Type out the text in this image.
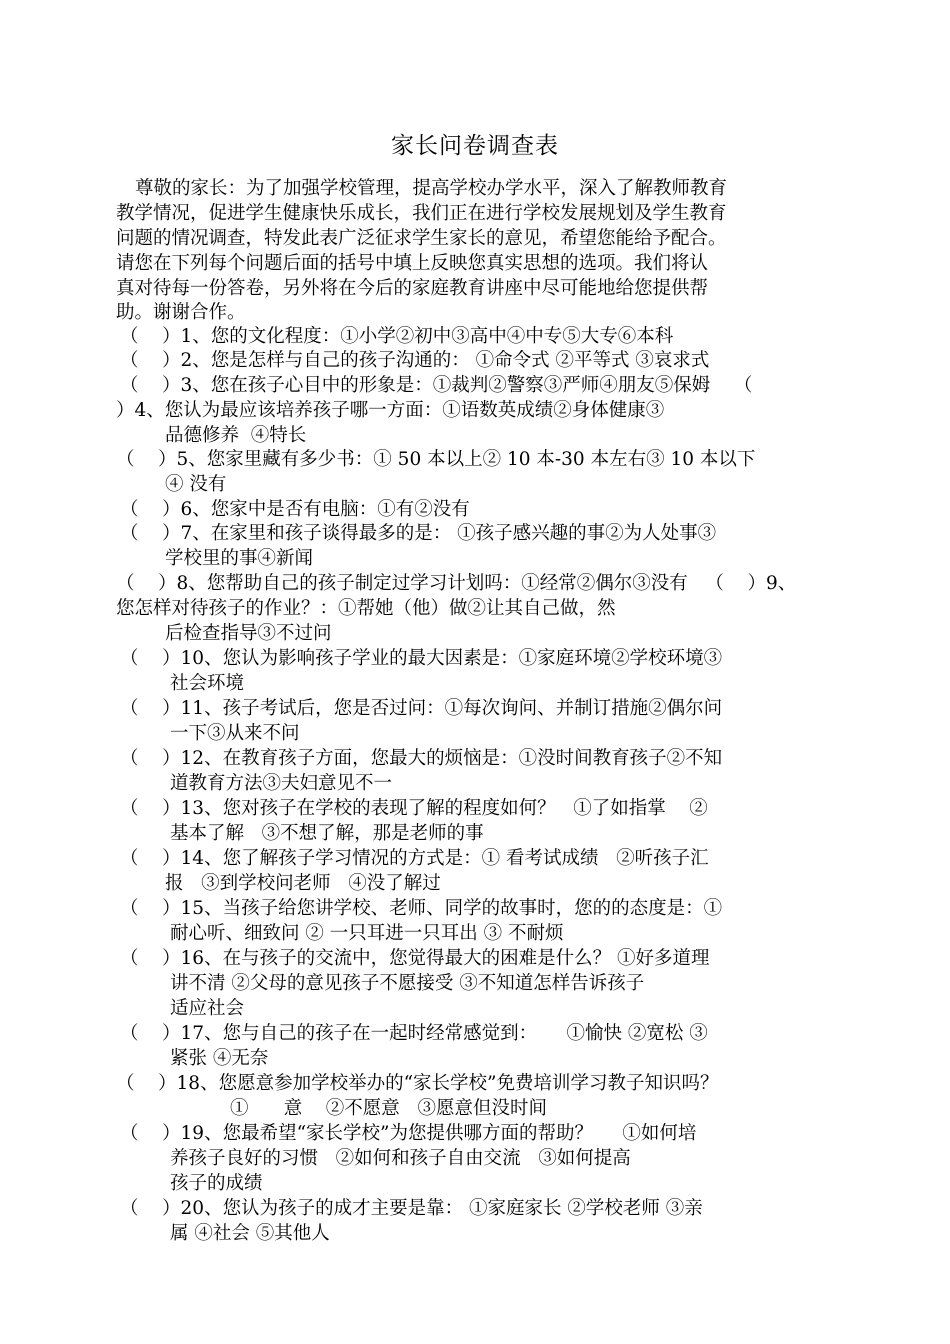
家长问卷调查表
尊敬的家长：为了加强学校管理，提高学校办学水平，深入了解教师教育
教学情况，促进学生健康快乐成长，我们正在进行学校发展规划及学生教育
问题的情况调查，特发此表广泛征求学生家长的意见，希望您能给予配合。
请您在下列每个问题后面的括号中填上反映您真实思想的选项。我们将认
真对待每一份答卷，另外将在今后的家庭教育讲座中尽可能地给您提供帮
助。谢谢合作。
（    ）1、您的文化程度：①小学②初中③高中④中专⑤大专⑥本科
（    ）2、您是怎样与自己的孩子沟通的： ①命令式 ②平等式 ③哀求式
（    ）3、您在孩子心目中的形象是：①裁判②警察③严师④朋友⑤保姆    （
）4、您认为最应该培养孩子哪一方面：①语数英成绩②身体健康③
品德修养  ④特长
（    ）5、您家里藏有多少书：① 50 本以上② 10 本-30 本左右③ 10 本以下
④ 没有
（    ）6、您家中是否有电脑：①有②没有
（    ）7、在家里和孩子谈得最多的是： ①孩子感兴趣的事②为人处事③
学校里的事④新闻
（    ）8、您帮助自己的孩子制定过学习计划吗：①经常②偶尔③没有   （    ）9、
您怎样对待孩子的作业？：①帮她（他）做②让其自己做，然
后检查指导③不过问
（    ）10、您认为影响孩子学业的最大因素是：①家庭环境②学校环境③
社会环境
（    ）11、孩子考试后，您是否过问：①每次询问、并制订措施②偶尔问
一下③从来不问
（    ）12、在教育孩子方面，您最大的烦恼是：①没时间教育孩子②不知
道教育方法③夫妇意见不一
（    ）13、您对孩子在学校的表现了解的程度如何？   ①了如指掌    ②
基本了解   ③不想了解，那是老师的事
（    ）14、您了解孩子学习情况的方式是：① 看考试成绩   ②听孩子汇
报   ③到学校问老师   ④没了解过
（    ）15、当孩子给您讲学校、老师、同学的故事时，您的的态度是：①
耐心听、细致问 ② 一只耳进一只耳出 ③ 不耐烦
（    ）16、在与孩子的交流中，您觉得最大的困难是什么？ ①好多道理
讲不清 ②父母的意见孩子不愿接受 ③不知道怎样告诉孩子
适应社会
（    ）17、您与自己的孩子在一起时经常感觉到：     ①愉快 ②宽松 ③
紧张 ④无奈
（    ）18、您愿意参加学校举办的“家长学校”免费培训学习教子知识吗？
①      意    ②不愿意   ③愿意但没时间
（    ）19、您最希望“家长学校”为您提供哪方面的帮助？     ①如何培
养孩子良好的习惯   ②如何和孩子自由交流   ③如何提高
孩子的成绩
（    ）20、您认为孩子的成才主要是靠： ①家庭家长 ②学校老师 ③亲
属 ④社会 ⑤其他人
